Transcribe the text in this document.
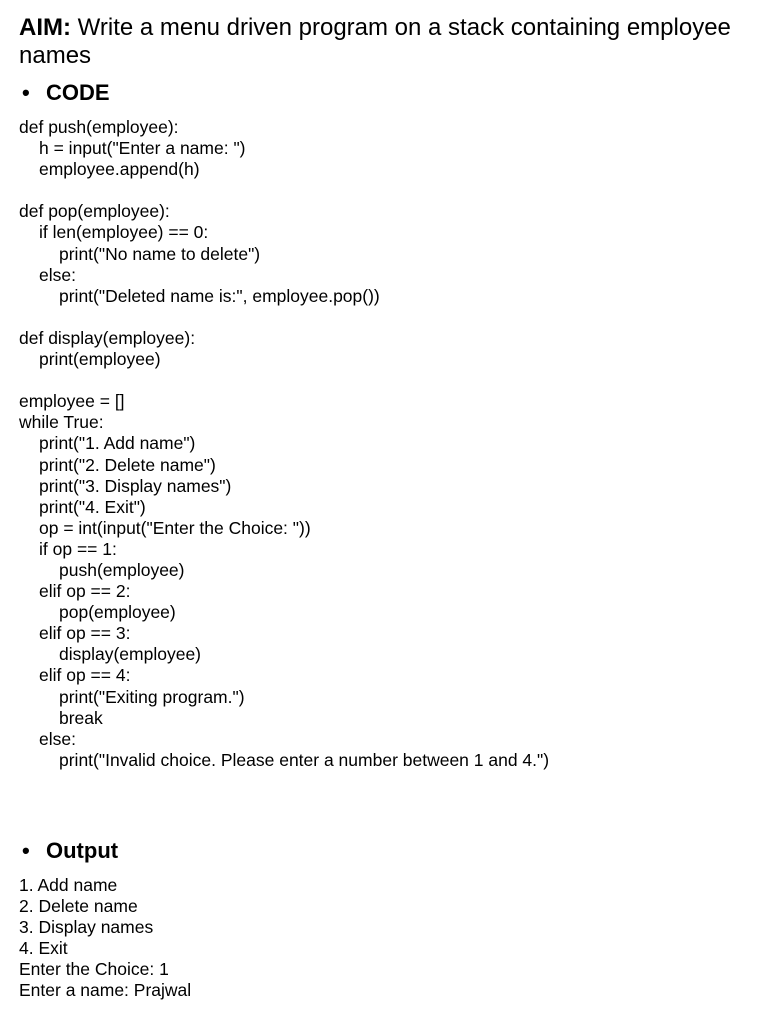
AIM: Write a menu driven program on a stack containing employee names

• CODE
def push(employee):
h = input("Enter a name: ")
employee.append(h)
def pop(employee):
if len(employee) == 0:
print("No name to delete")
else:
print("Deleted name is:", employee.pop())
def display(employee):
print(employee)
employee = []
while True:
print("1. Add name")
print("2. Delete name")
print("3. Display names")
print("4. Exit")
op = int(input("Enter the Choice: "))
if op == 1:
push(employee)
elif op == 2:
pop(employee)
elif op == 3:
display(employee)
elif op == 4:
print("Exiting program.")
break
else:
print("Invalid choice. Please enter a number between 1 and 4.")
• Output
1. Add name
2. Delete name
3. Display names
4. Exit
Enter the Choice: 1
Enter a name: Prajwal
